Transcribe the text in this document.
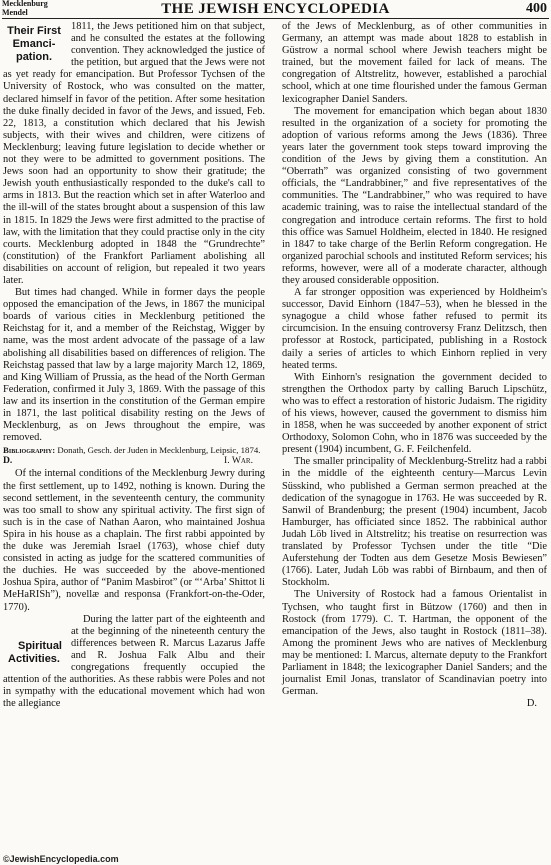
Mecklenburg
Mendel	THE JEWISH ENCYCLOPEDIA	400

Their First
Emanci-
pation.
1811, the Jews petitioned him on that subject, and he consulted the estates at the following convention. They acknowledged the justice of the petition, but argued that the Jews were not as yet ready for emancipation. But Professor Tychsen of the University of Rostock, who was consulted on the matter, declared himself in favor of the petition. After some hesitation the duke finally decided in favor of the Jews, and issued, Feb. 22, 1813, a constitution which declared that his Jewish subjects, with their wives and children, were citizens of Mecklenburg; leaving future legislation to decide whether or not they were to be admitted to government positions. The Jews soon had an opportunity to show their gratitude; the Jewish youth enthusiastically responded to the duke's call to arms in 1813. But the reaction which set in after Waterloo and the ill-will of the states brought about a suspension of this law in 1815. In 1829 the Jews were first admitted to the practise of law, with the limitation that they could practise only in the city courts. Mecklenburg adopted in 1848 the “Grundrechte” (constitution) of the Frankfort Parliament abolishing all disabilities on account of religion, but repealed it two years later.

But times had changed. While in former days the people opposed the emancipation of the Jews, in 1867 the municipal boards of various cities in Mecklenburg petitioned the Reichstag for it, and a member of the Reichstag, Wigger by name, was the most ardent advocate of the passage of a law abolishing all disabilities based on differences of religion. The Reichstag passed that law by a large majority March 12, 1869, and King William of Prussia, as the head of the North German Federation, confirmed it July 3, 1869. With the passage of this law and its insertion in the constitution of the German empire in 1871, the last political disability resting on the Jews of Mecklenburg, as on Jews throughout the empire, was removed.

Bibliography: Donath, Gesch. der Juden in Mecklenburg, Leipsic, 1874.
D.	I. War.

Of the internal conditions of the Mecklenburg Jewry during the first settlement, up to 1492, nothing is known. During the second settlement, in the seventeenth century, the community was too small to show any spiritual activity. The first sign of such is in the case of Nathan Aaron, who maintained Joshua Spira in his house as a chaplain. The first rabbi appointed by the duke was Jeremiah Israel (1763), whose chief duty consisted in acting as judge for the scattered communities of the duchies. He was succeeded by the above-mentioned Joshua Spira, author of “Panim Masbirot” (or “‘Arba’ Shittot li MeHaRISh”), novellæ and responsa (Frankfort-on-the-Oder, 1770).

Spiritual
Activities.
During the latter part of the eighteenth and at the beginning of the nineteenth century the differences between R. Marcus Lazarus Jaffe and R. Joshua Falk Albu and their congregations frequently occupied the attention of the authorities. As these rabbis were Poles and not in sympathy with the educational movement which had won the allegiance

of the Jews of Mecklenburg, as of other communities in Germany, an attempt was made about 1828 to establish in Güstrow a normal school where Jewish teachers might be trained, but the movement failed for lack of means. The congregation of Altstrelitz, however, established a parochial school, which at one time flourished under the famous German lexicographer Daniel Sanders.

The movement for emancipation which began about 1830 resulted in the organization of a society for promoting the adoption of various reforms among the Jews (1836). Three years later the government took steps toward improving the condition of the Jews by giving them a constitution. An “Oberrath” was organized consisting of two government officials, the “Landrabbiner,” and five representatives of the communities. The “Landrabbiner,” who was required to have academic training, was to raise the intellectual standard of the congregation and introduce certain reforms. The first to hold this office was Samuel Holdheim, elected in 1840. He resigned in 1847 to take charge of the Berlin Reform congregation. He organized parochial schools and instituted Reform services; his reforms, however, were all of a moderate character, although they aroused considerable opposition.

A far stronger opposition was experienced by Holdheim's successor, David Einhorn (1847–53), when he blessed in the synagogue a child whose father refused to permit its circumcision. In the ensuing controversy Franz Delitzsch, then professor at Rostock, participated, publishing in a Rostock daily a series of articles to which Einhorn replied in very heated terms.

With Einhorn's resignation the government decided to strengthen the Orthodox party by calling Baruch Lipschütz, who was to effect a restoration of historic Judaism. The rigidity of his views, however, caused the government to dismiss him in 1858, when he was succeeded by another exponent of strict Orthodoxy, Solomon Cohn, who in 1876 was succeeded by the present (1904) incumbent, G. F. Feilchenfeld.

The smaller principality of Mecklenburg-Strelitz had a rabbi in the middle of the eighteenth century—Marcus Levin Süsskind, who published a German sermon preached at the dedication of the synagogue in 1763. He was succeeded by R. Sanwil of Brandenburg; the present (1904) incumbent, Jacob Hamburger, has officiated since 1852. The rabbinical author Judah Löb lived in Altstrelitz; his treatise on resurrection was translated by Professor Tychsen under the title “Die Auferstehung der Todten aus dem Gesetze Mosis Bewiesen” (1766). Later, Judah Löb was rabbi of Birnbaum, and then of Stockholm.

The University of Rostock had a famous Orientalist in Tychsen, who taught first in Bützow (1760) and then in Rostock (from 1779). C. T. Hartman, the opponent of the emancipation of the Jews, also taught in Rostock (1811–38). Among the prominent Jews who are natives of Mecklenburg may be mentioned: I. Marcus, alternate deputy to the Frankfort Parliament in 1848; the lexicographer Daniel Sanders; and the journalist Emil Jonas, translator of Scandinavian poetry into German.

D.
©JewishEncyclopedia.com
